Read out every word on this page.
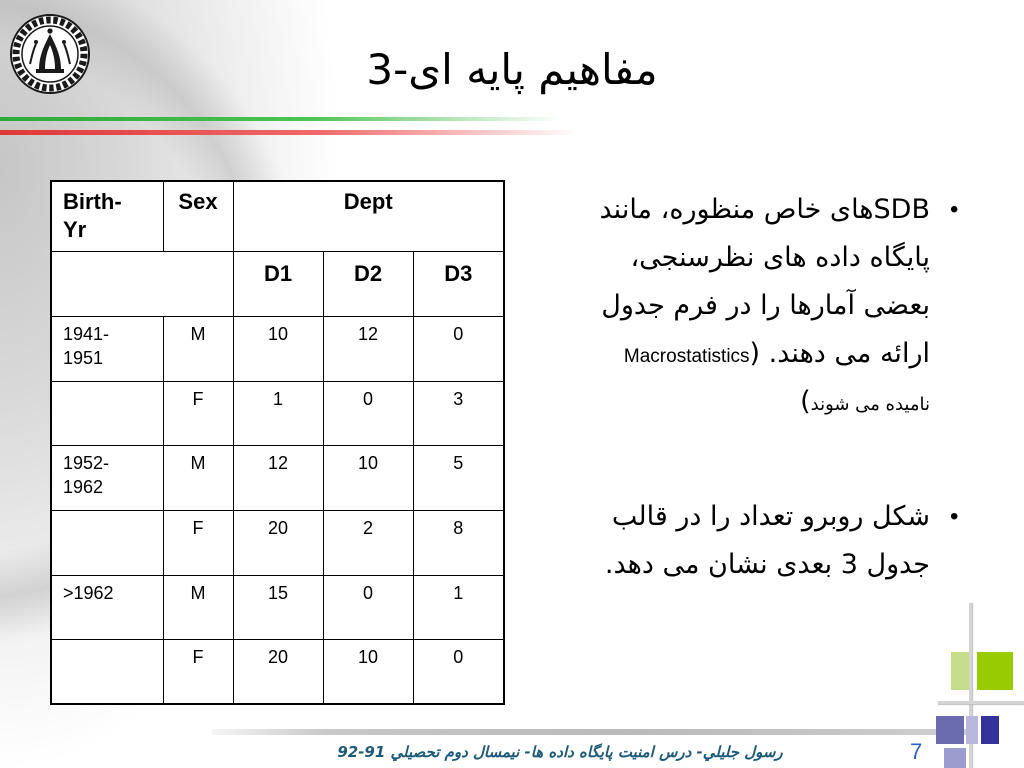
مفاهیم پایه ای-3
Birth-Yr	Sex	Dept		
		D1	D2	D3
1941-1951	M	10	12	0
	F	1	0	3
1952-1962	M	12	10	5
	F	20	2	8
>1962	M	15	0	1
	F	20	10	0
•
SDBهای خاص منظوره، مانند
پایگاه داده های نظرسنجی،
بعضی آمارها را در فرم جدول
ارائه می دهند. (Macrostatistics
نامیده می شوند)
•
شکل روبرو تعداد را در قالب
جدول 3 بعدی نشان می دهد.
رسول جليلي- درس امنيت پايگاه داده ها- نيمسال دوم تحصيلي 91-92	7
